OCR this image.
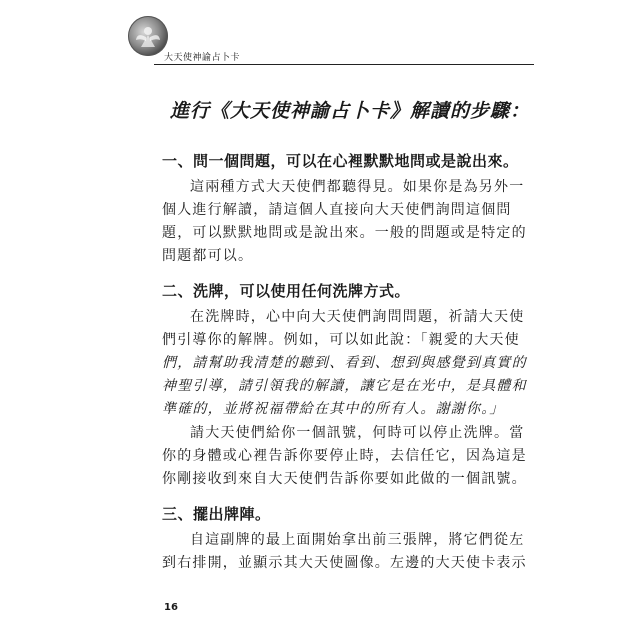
大天使神諭占卜卡
進行《大天使神諭占卜卡》解讀的步驟：
一、問一個問題，可以在心裡默默地問或是說出來。
這兩種方式大天使們都聽得見。如果你是為另外一
個人進行解讀，請這個人直接向大天使們詢問這個問
題，可以默默地問或是說出來。一般的問題或是特定的
問題都可以。
二、洗牌，可以使用任何洗牌方式。
在洗牌時，心中向大天使們詢問問題，祈請大天使
們引導你的解牌。例如，可以如此說：「親愛的大天使
們，請幫助我清楚的聽到、看到、想到與感覺到真實的
神聖引導，請引領我的解讀，讓它是在光中，是具體和
準確的，並將祝福帶給在其中的所有人。謝謝你。」
請大天使們給你一個訊號，何時可以停止洗牌。當
你的身體或心裡告訴你要停止時，去信任它，因為這是
你剛接收到來自大天使們告訴你要如此做的一個訊號。
三、擺出牌陣。
自這副牌的最上面開始拿出前三張牌，將它們從左
到右排開，並顯示其大天使圖像。左邊的大天使卡表示
16
